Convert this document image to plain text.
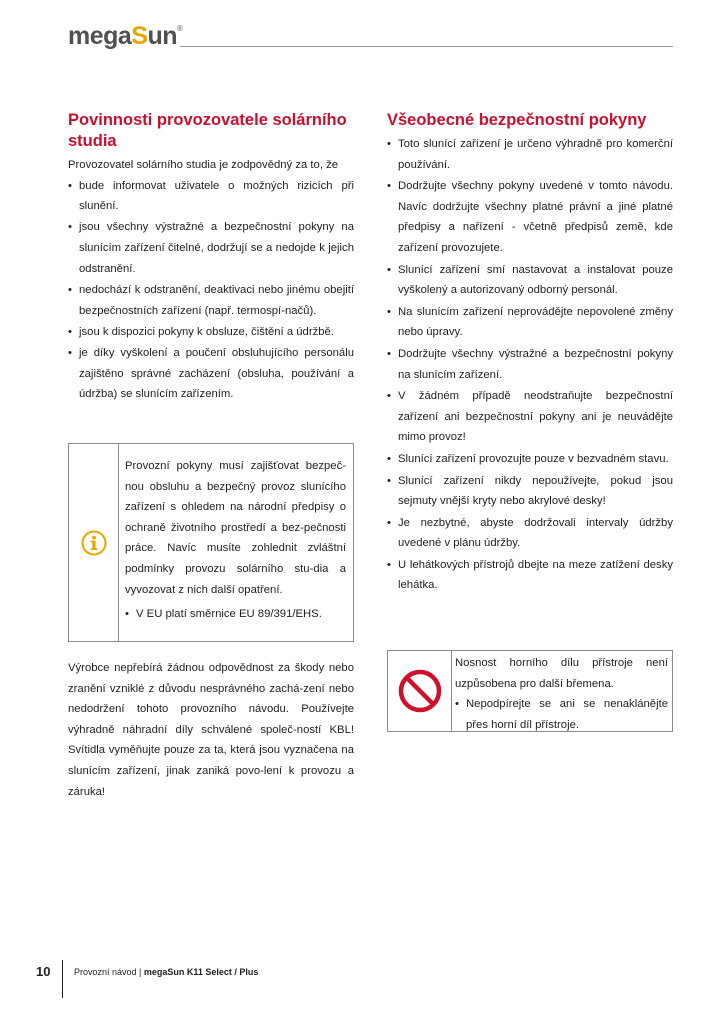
megaSun®
Povinnosti provozovatele solárního studia

Provozovatel solárního studia je zodpovědný za to, že

• bude informovat uživatele o možných rizicích při slunění.
• jsou všechny výstražné a bezpečnostní pokyny na slunícím zařízení čitelné, dodržují se a nedojde k jejich odstranění.
• nedochází k odstranění, deaktivaci nebo jinému obejití bezpečnostních zařízení (např. termospí-načů).
• jsou k dispozici pokyny k obsluze, čištění a údržbě.
• je díky vyškolení a poučení obsluhujícího personálu zajištěno správné zacházení (obsluha, používání a údržba) se slunícím zařízením.

Provozní pokyny musí zajišťovat bezpeč-nou obsluhu a bezpečný provoz slunícího zařízení s ohledem na národní předpisy o ochraně životního prostředí a bez-pečnosti práce. Navíc musíte zohlednit zvláštní podmínky provozu solárního stu-dia a vyvozovat z nich další opatření.

• V EU platí směrnice EU 89/391/EHS.

Výrobce nepřebírá žádnou odpovědnost za škody nebo zranění vzniklé z důvodu nesprávného zachá-zení nebo nedodržení tohoto provozního návodu. Používejte výhradně náhradní díly schválené společ-ností KBL! Svítidla vyměňujte pouze za ta, která jsou vyznačena na slunícím zařízení, jinak zaniká povo-lení k provozu a záruka!

Všeobecné bezpečnostní pokyny
• Toto slunící zařízení je určeno výhradně pro komerční používání.
• Dodržujte všechny pokyny uvedené v tomto návodu. Navíc dodržujte všechny platné právní a jiné platné předpisy a nařízení - včetně předpisů země, kde zařízení provozujete.
• Slunící zařízení smí nastavovat a instalovat pouze vyškolený a autorizovaný odborný personál.
• Na slunícím zařízení neprovádějte nepovolené změny nebo úpravy.
• Dodržujte všechny výstražné a bezpečnostní pokyny na slunícím zařízení.
• V žádném případě neodstraňujte bezpečnostní zařízení ani bezpečnostní pokyny ani je neuvádějte mimo provoz!
• Slunící zařízení provozujte pouze v bezvadném stavu.
• Slunící zařízení nikdy nepoužívejte, pokud jsou sejmuty vnější kryty nebo akrylové desky!
• Je nezbytné, abyste dodržovali intervaly údržby uvedené v plánu údržby.
• U lehátkových přístrojů dbejte na meze zatížení desky lehátka.

Nosnost horního dílu přístroje není uzpůsobena pro další břemena.

• Nepodpírejte se ani se nenaklánějte přes horní díl přístroje.
10	Provozní návod | megaSun K11 Select / Plus
